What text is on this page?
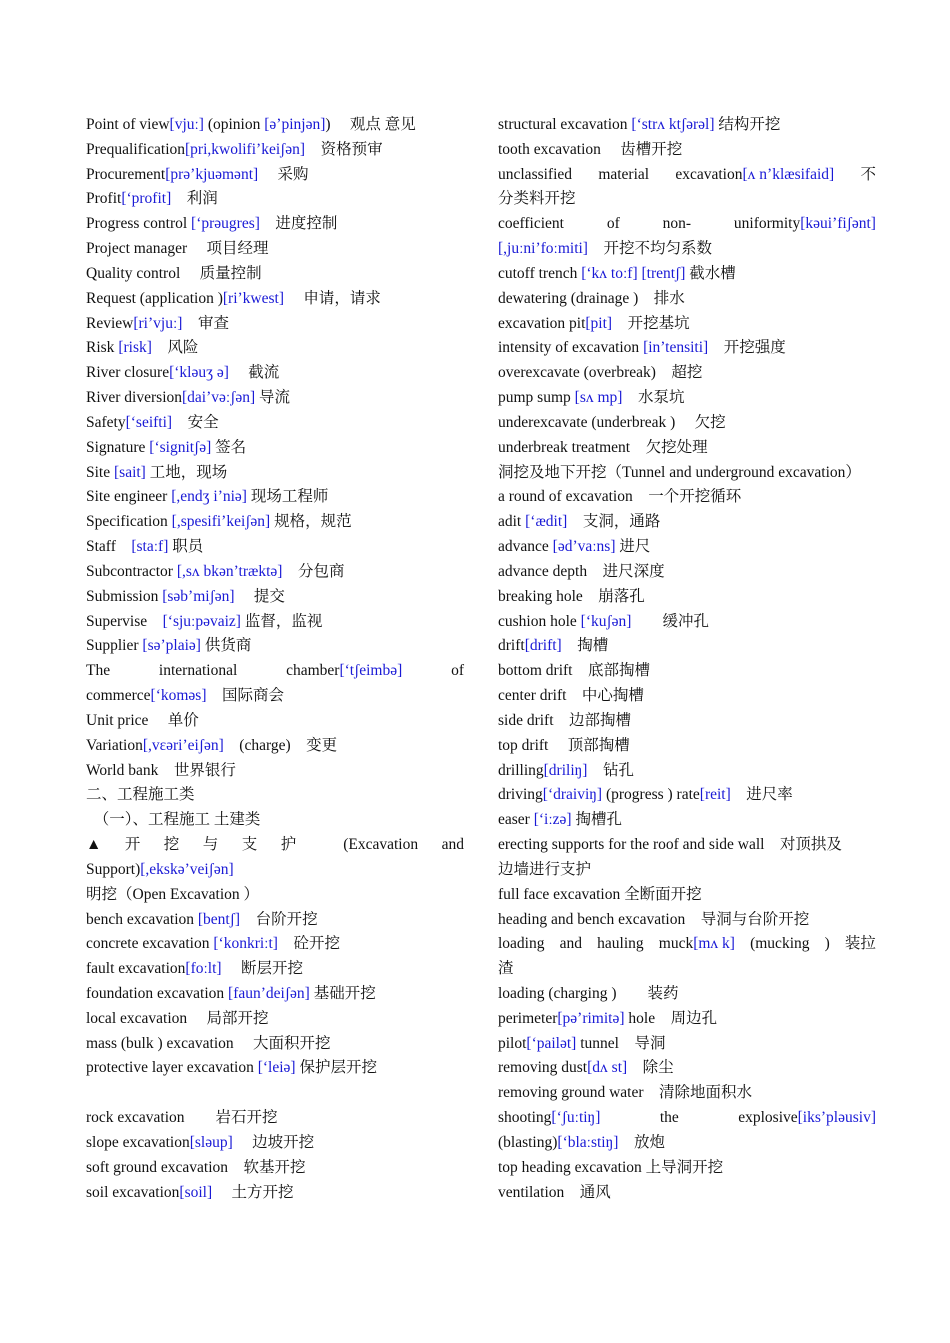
Point of view[vjuː] (opinion [ə’pinjən])　 观点 意见
Prequalification[pri,kwolifi’keiʃən]　资格预审
Procurement[prə’kjuəmənt]　 采购
Profit[‘profit]　利润
Progress control [‘prəugres]　进度控制
Project manager　 项目经理
Quality control　 质量控制
Request (application )[ri’kwest]　 申请，请求
Review[ri’vjuː]　审查
Risk [risk]　风险
River closure[‘kləuʒ ə]　 截流
River diversion[dai’vəːʃən] 导流
Safety[‘seifti]　安全
Signature [‘signitʃə] 签名
Site [sait] 工地，现场
Site engineer [,endʒ i’niə] 现场工程师
Specification [,spesifi’keiʃən] 规格，规范
Staff　[staːf] 职员
Subcontractor [,sʌ bkən’træktə]　分包商
Submission [səb’miʃən]　 提交
Supervise　[‘sjuːpəvaiz] 监督，监视
Supplier [sə’plaiə] 供货商
The	international	chamber[‘tʃeimbə]	of
commerce[‘koməs]　国际商会
Unit price　 单价
Variation[,vεəri’eiʃən]　(charge)　变更
World bank　世界银行
二、工程施工类
　（一）、工程施工 土建类
▲ 开 挖 与 支 护	(Excavation and
Support)[,ekskə’veiʃən]
明挖（Open Excavation ）
bench excavation [bentʃ]　台阶开挖
concrete excavation [‘konkriːt]　砼开挖
fault excavation[foːlt]　 断层开挖
foundation excavation [faun’deiʃən] 基础开挖
local excavation　 局部开挖
mass (bulk ) excavation　 大面积开挖
protective layer excavation [‘leiə] 保护层开挖
rock excavation　　岩石开挖
slope excavation[sləup]　 边坡开挖
soft ground excavation　软基开挖
soil excavation[soil]　 土方开挖
structural excavation [‘strʌ ktʃərəl] 结构开挖
tooth excavation　 齿槽开挖
unclassified material excavation[ʌ n’klæsifaid] 不
分类料开挖
coefficient	of	non-	uniformity[kəui’fiʃənt]
[,juːni’foːmiti]　开挖不均匀系数
cutoff trench [‘kʌ toːf] [trentʃ] 截水槽
dewatering (drainage )　排水
excavation pit[pit]　开挖基坑
intensity of excavation [in’tensiti]　开挖强度
overexcavate (overbreak)　超挖
pump sump [sʌ mp]　水泵坑
underexcavate (underbreak )　 欠挖
underbreak treatment　欠挖处理
洞挖及地下开挖（Tunnel and underground excavation）
a round of excavation　一个开挖循环
adit [‘ædit]　支洞，通路
advance [əd’vaːns] 进尺
advance depth　进尺深度
breaking hole　崩落孔
cushion hole [‘kuʃən]　　缓冲孔
drift[drift]　掏槽
bottom drift　底部掏槽
center drift　中心掏槽
side drift　边部掏槽
top drift　 顶部掏槽
drilling[driliŋ]　钻孔
driving[‘draiviŋ] (progress ) rate[reit]　进尺率
easer [‘iːzə] 掏槽孔
erecting supports for the roof and side wall　对顶拱及
边墙进行支护
full face excavation 全断面开挖
heading and bench excavation　导洞与台阶开挖
loading and hauling muck[mʌ k] (mucking ) 装拉
渣
loading (charging )　　装药
perimeter[pə’rimitə] hole　周边孔
pilot[‘pailət] tunnel　导洞
removing dust[dʌ st]　除尘
removing ground water　清除地面积水
shooting[‘ʃuːtiŋ]	the	explosive[iks’pləusiv]
(blasting)[‘blaːstiŋ]　放炮
top heading excavation 上导洞开挖
ventilation　通风
